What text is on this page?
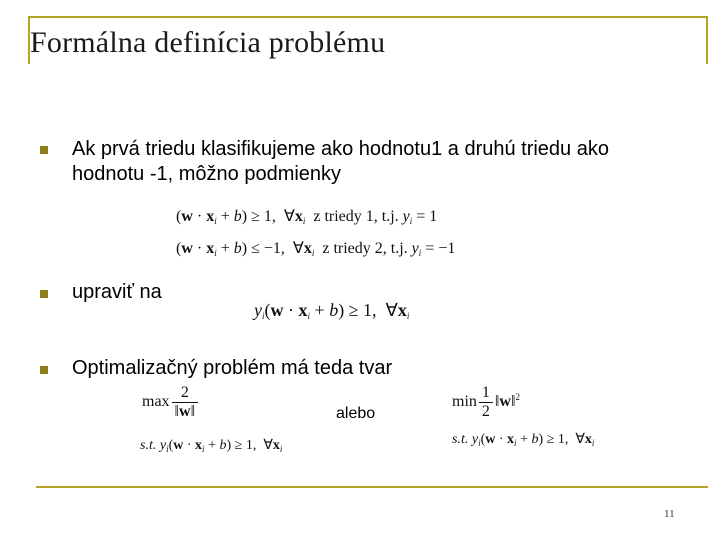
Formálna definícia problému
Ak prvá triedu klasifikujeme ako hodnotu1 a druhú triedu ako hodnotu -1, môžno podmienky
$(w \cdot x_i + b) \ge 1$,  $\forall x_i$ z triedy 1, t.j. $y_i = 1$
$(w \cdot x_i + b) \le -1$,  $\forall x_i$ z triedy 2, t.j. $y_i = -1$
upraviť na
$y_i(w \cdot x_i + b) \ge 1$,  $\forall x_i$
Optimalizačný problém má teda tvar
$\max \frac{2}{‖w‖}$
s.t. $y_i(w \cdot x_i + b) \ge 1$,  $\forall x_i$
alebo
$\min \frac{1}{2}$ ‖w‖$^2$
s.t. $y_i(w \cdot x_i + b) \ge 1$,  $\forall x_i$
11
